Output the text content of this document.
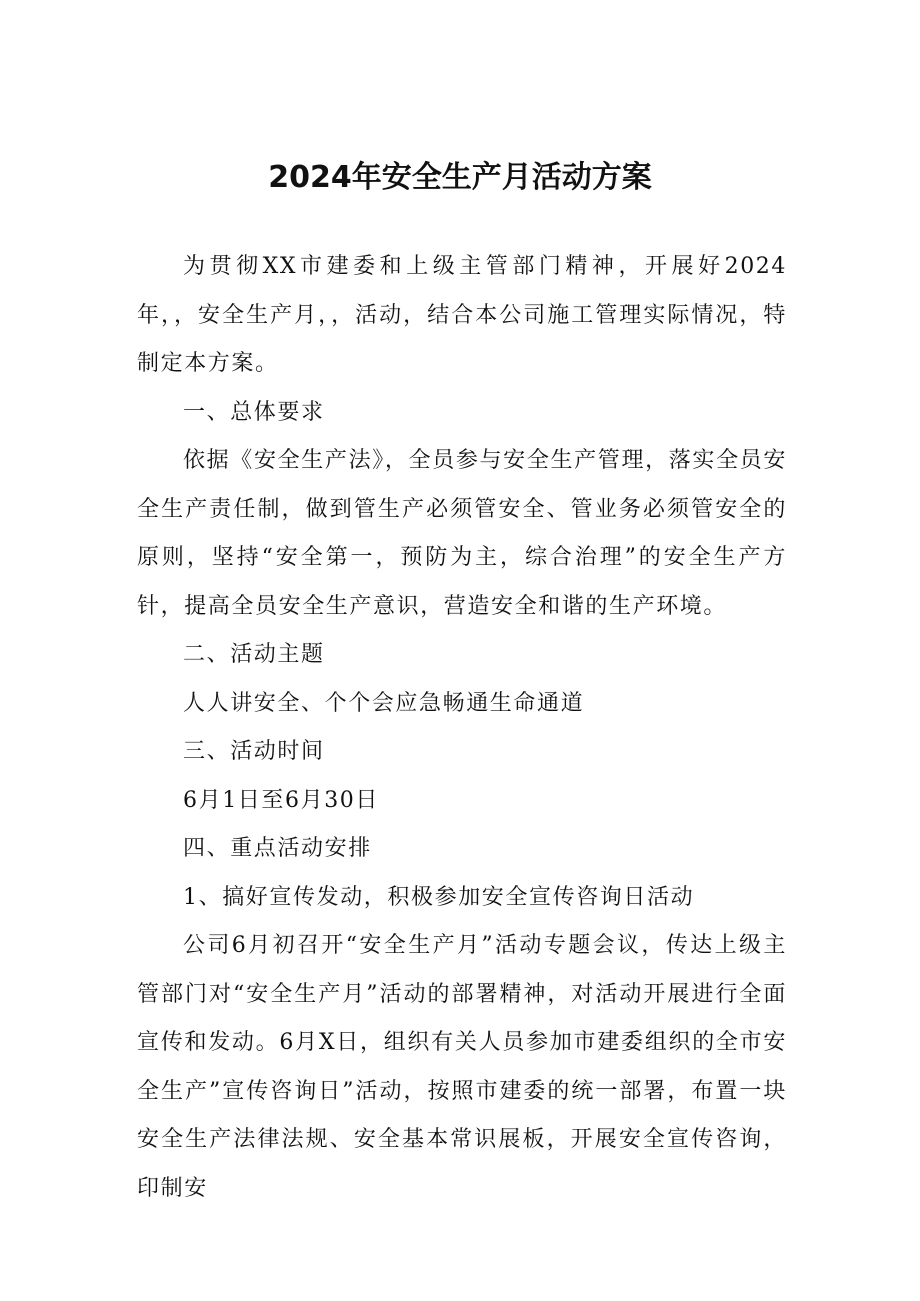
2024年安全生产月活动方案

为贯彻XX市建委和上级主管部门精神，开展好2024年，，安全生产月，，活动，结合本公司施工管理实际情况，特制定本方案。

一、总体要求

依据《安全生产法》，全员参与安全生产管理，落实全员安全生产责任制，做到管生产必须管安全、管业务必须管安全的原则，坚持“安全第一，预防为主，综合治理”的安全生产方针，提高全员安全生产意识，营造安全和谐的生产环境。

二、活动主题

人人讲安全、个个会应急畅通生命通道

三、活动时间

6月1日至6月30日

四、重点活动安排

1、搞好宣传发动，积极参加安全宣传咨询日活动

公司6月初召开“安全生产月”活动专题会议，传达上级主管部门对“安全生产月”活动的部署精神，对活动开展进行全面宣传和发动。6月X日，组织有关人员参加市建委组织的全市安全生产”宣传咨询日”活动，按照市建委的统一部署，布置一块安全生产法律法规、安全基本常识展板，开展安全宣传咨询，印制安
